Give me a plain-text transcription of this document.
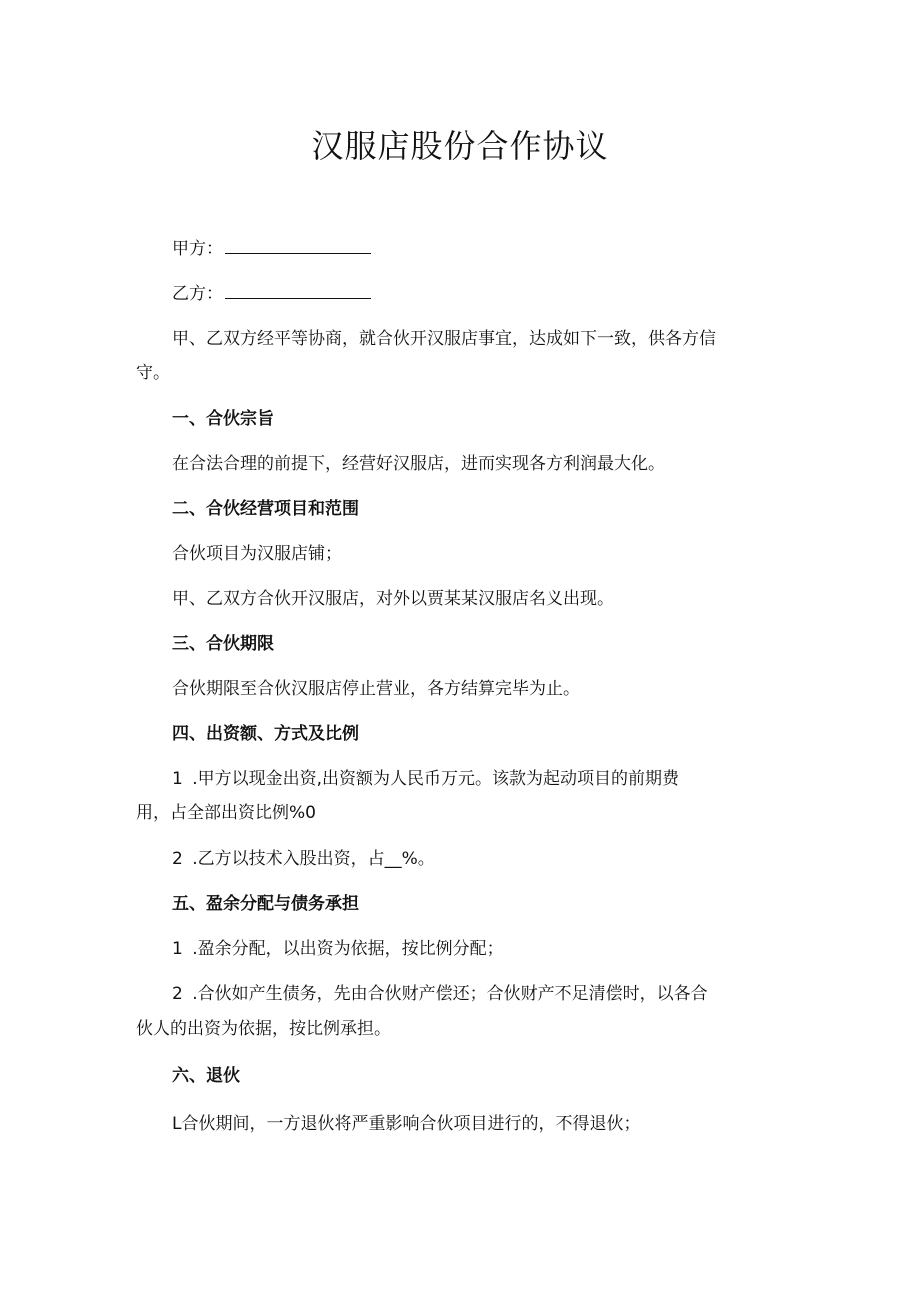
汉服店股份合作协议

甲方：

乙方：

甲、乙双方经平等协商，就合伙开汉服店事宜，达成如下一致，供各方信

守。

一、合伙宗旨

在合法合理的前提下，经营好汉服店，进而实现各方利润最大化。

二、合伙经营项目和范围

合伙项目为汉服店铺；

甲、乙双方合伙开汉服店，对外以贾某某汉服店名义出现。

三、合伙期限

合伙期限至合伙汉服店停止营业，各方结算完毕为止。

四、出资额、方式及比例

1 .甲方以现金出资,出资额为人民币万元。该款为起动项目的前期费

用，占全部出资比例%0

2 .乙方以技术入股出资，占__%。

五、盈余分配与债务承担

1 .盈余分配，以出资为依据，按比例分配；

2 .合伙如产生债务，先由合伙财产偿还；合伙财产不足清偿时，以各合

伙人的出资为依据，按比例承担。

六、退伙

L合伙期间，一方退伙将严重影响合伙项目进行的，不得退伙；
